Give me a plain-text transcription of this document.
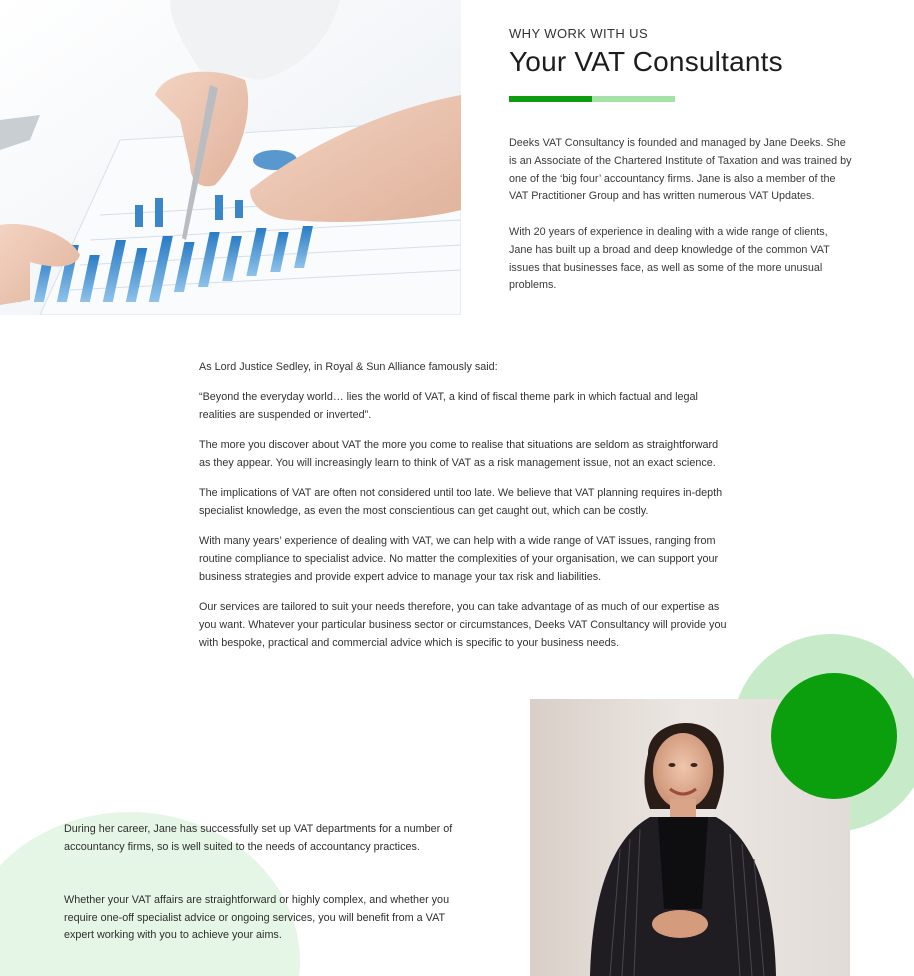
WHY WORK WITH US
Your VAT Consultants

Deeks VAT Consultancy is founded and managed by Jane Deeks. She is an Associate of the Chartered Institute of Taxation and was trained by one of the ‘big four’ accountancy firms. Jane is also a member of the VAT Practitioner Group and has written numerous VAT Updates.

With 20 years of experience in dealing with a wide range of clients, Jane has built up a broad and deep knowledge of the common VAT issues that businesses face, as well as some of the more unusual problems.

As Lord Justice Sedley, in Royal & Sun Alliance famously said:

“Beyond the everyday world… lies the world of VAT, a kind of fiscal theme park in which factual and legal realities are suspended or inverted”.

The more you discover about VAT the more you come to realise that situations are seldom as straightforward as they appear. You will increasingly learn to think of VAT as a risk management issue, not an exact science.

The implications of VAT are often not considered until too late. We believe that VAT planning requires in-depth specialist knowledge, as even the most conscientious can get caught out, which can be costly.

With many years’ experience of dealing with VAT, we can help with a wide range of VAT issues, ranging from routine compliance to specialist advice. No matter the complexities of your organisation, we can support your business strategies and provide expert advice to manage your tax risk and liabilities.

Our services are tailored to suit your needs therefore, you can take advantage of as much of our expertise as you want. Whatever your particular business sector or circumstances, Deeks VAT Consultancy will provide you with bespoke, practical and commercial advice which is specific to your business needs.

During her career, Jane has successfully set up VAT departments for a number of accountancy firms, so is well suited to the needs of accountancy practices.

Whether your VAT affairs are straightforward or highly complex, and whether you require one-off specialist advice or ongoing services, you will benefit from a VAT expert working with you to achieve your aims.
